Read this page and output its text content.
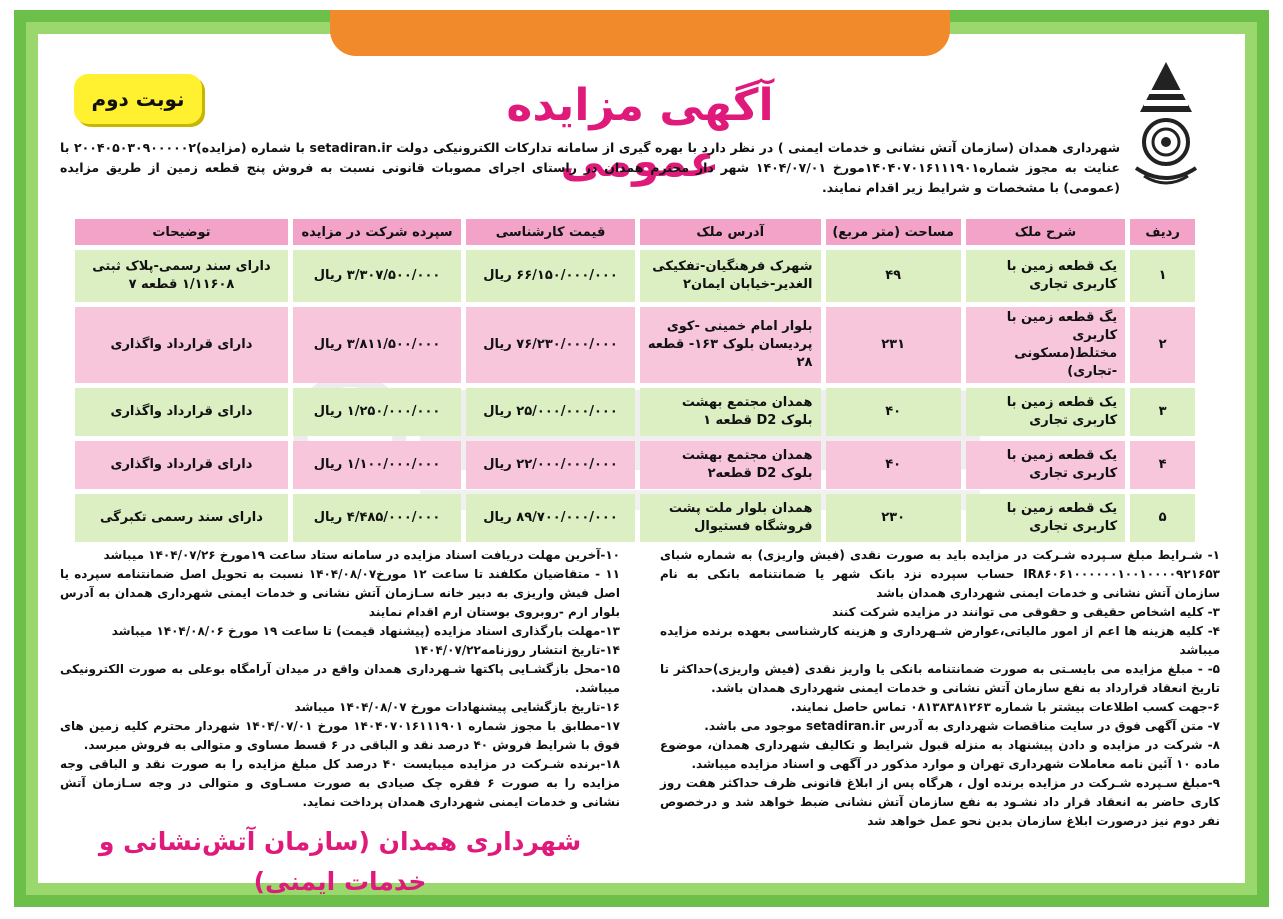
آگهی مزایده عمومی
نوبت دوم
شهرداری همدان (سازمان آتش نشانی و خدمات ایمنی ) در نظر دارد با بهره گیری از سامانه تدارکات الکترونیکی دولت setadiran.ir با شماره (مزایده)۲۰۰۴۰۵۰۳۰۹۰۰۰۰۰۲ با عنایت به مجوز شماره۱۴۰۴۰۷۰۱۶۱۱۱۹۰۱مورخ ۱۴۰۴/۰۷/۰۱ شهر دار محترم همدان در راستای اجرای مصوبات قانونی نسبت به فروش پنج قطعه زمین از طریق مزایده (عمومی) با مشخصات و شرایط زیر اقدام نمایند.
ردیف	شرح ملک	مساحت (متر مربع)	آدرس ملک	قیمت کارشناسی	سپرده شرکت در مزایده	توضیحات
۱	یک قطعه زمین با کاربری تجاری	۴۹	شهرک فرهنگیان-تفکیکی الغدیر-خیابان ایمان۲	۶۶/۱۵۰/۰۰۰/۰۰۰ ریال	۳/۳۰۷/۵۰۰/۰۰۰ ریال	دارای سند رسمی-پلاک ثبتی ۱/۱۱۶۰۸ قطعه ۷
۲	یگ قطعه زمین با کاربری مختلط(مسکونی -تجاری)	۲۳۱	بلوار امام خمینی -کوی پردیسان بلوک ۱۶۳- قطعه ۲۸	۷۶/۲۳۰/۰۰۰/۰۰۰ ریال	۳/۸۱۱/۵۰۰/۰۰۰ ریال	دارای قرارداد واگذاری
۳	یک قطعه زمین با کاربری تجاری	۴۰	همدان مجتمع بهشت بلوک D2 قطعه ۱	۲۵/۰۰۰/۰۰۰/۰۰۰ ریال	۱/۲۵۰/۰۰۰/۰۰۰ ریال	دارای قرارداد واگذاری
۴	یک قطعه زمین با کاربری تجاری	۴۰	همدان مجتمع بهشت بلوک D2 قطعه۲	۲۲/۰۰۰/۰۰۰/۰۰۰ ریال	۱/۱۰۰/۰۰۰/۰۰۰ ریال	دارای قرارداد واگذاری
۵	یک قطعه زمین با کاربری تجاری	۲۳۰	همدان بلوار ملت پشت فروشگاه فستیوال	۸۹/۷۰۰/۰۰۰/۰۰۰ ریال	۴/۴۸۵/۰۰۰/۰۰۰ ریال	دارای سند رسمی تکبرگی

۱- شـرایط مبلغ سـپرده شـرکت در مزایده باید به صورت نقدی (فیش واریزی) به شماره شبای IR۸۶۰۶۱۰۰۰۰۰۰۱۰۰۱۰۰۰۰۹۲۱۶۵۳ حساب سپرده نزد بانک شهر یا ضمانتنامه بانکی به نام سازمان آتش نشانی و خدمات ایمنی شهرداری همدان باشد

۳- کلیه اشخاص حقیقی و حقوقی می توانند در مزایده شرکت کنند

۴- کلیه هزینه ها اعم از امور مالیاتی،عوارض شـهرداری و هزینه کارشناسی بعهده برنده مزایده میباشد

۵- - مبلغ مزایده می بایسـتی به صورت ضمانتنامه بانکی یا واریز نقدی (فیش واریزی)حداکثر تا تاریخ انعقاد قرارداد به نفع سازمان آتش نشانی و خدمات ایمنی شهرداری همدان باشد.

۶-جهت کسب اطلاعات بیشتر با شماره ۰۸۱۳۸۳۸۱۲۶۳ تماس حاصل نمایند.

۷- متن آگهی فوق در سایت مناقصات شهرداری به آدرس setadiran.ir موجود می باشد.

۸- شرکت در مزایده و دادن پیشنهاد به منزله قبول شرایط و تکالیف شهرداری همدان، موضوع ماده ۱۰ آئین نامه معاملات شهرداری تهران و موارد مذکور در آگهی و اسناد مزایده میباشد.

۹-مبلغ سـپرده شـرکت در مزایده برنده اول ، هرگاه پس از ابلاغ قانونی ظرف حداکثر هفت روز کاری حاضر به انعقاد قرار داد نشـود به نفع سازمان آتش نشانی ضبط خواهد شد و درخصوص نفر دوم نیز درصورت ابلاغ سازمان بدین نحو عمل خواهد شد

۱۰-آخرین مهلت دریافت اسناد مزایده در سامانه ستاد ساعت ۱۹مورخ ۱۴۰۴/۰۷/۲۶ میباشد

۱۱ - متقاضیان مکلفند تا ساعت ۱۲ مورخ۱۴۰۴/۰۸/۰۷ نسبت به تحویل اصل ضمانتنامه سپرده یا اصل فیش واریزی به دبیر خانه سـازمان آتش نشانی و خدمات ایمنی شهرداری همدان به آدرس بلوار ارم -روبروی بوستان ارم اقدام نمایند

۱۳-مهلت بارگذاری اسناد مزایده (پیشنهاد قیمت) تا ساعت ۱۹ مورخ ۱۴۰۴/۰۸/۰۶ میباشد

۱۴-تاریخ انتشار روزنامه۱۴۰۴/۰۷/۲۲

۱۵-محل بازگشـایی پاکتها شـهرداری همدان واقع در میدان آرامگاه بوعلی به صورت الکترونیکی میباشد.

۱۶-تاریخ بازگشایی پیشنهادات مورخ ۱۴۰۴/۰۸/۰۷ میباشد

۱۷-مطابق با مجوز شماره ۱۴۰۴۰۷۰۱۶۱۱۱۹۰۱ مورخ ۱۴۰۴/۰۷/۰۱ شهردار محترم کلیه زمین های فوق با شرایط فروش ۴۰ درصد نقد و الباقی در ۶ قسط مساوی و متوالی به فروش میرسد.

۱۸-برنده شـرکت در مزایده میبایست ۴۰ درصد کل مبلغ مزایده را به صورت نقد و الباقی وجه مزایده را به صورت ۶ فقره چک صیادی به صورت مسـاوی و متوالی در وجه سـازمان آتش نشانی و خدمات ایمنی شهرداری همدان پرداخت نماید.

شهرداری همدان (سازمان آتش‌نشانی و خدمات ایمنی)
